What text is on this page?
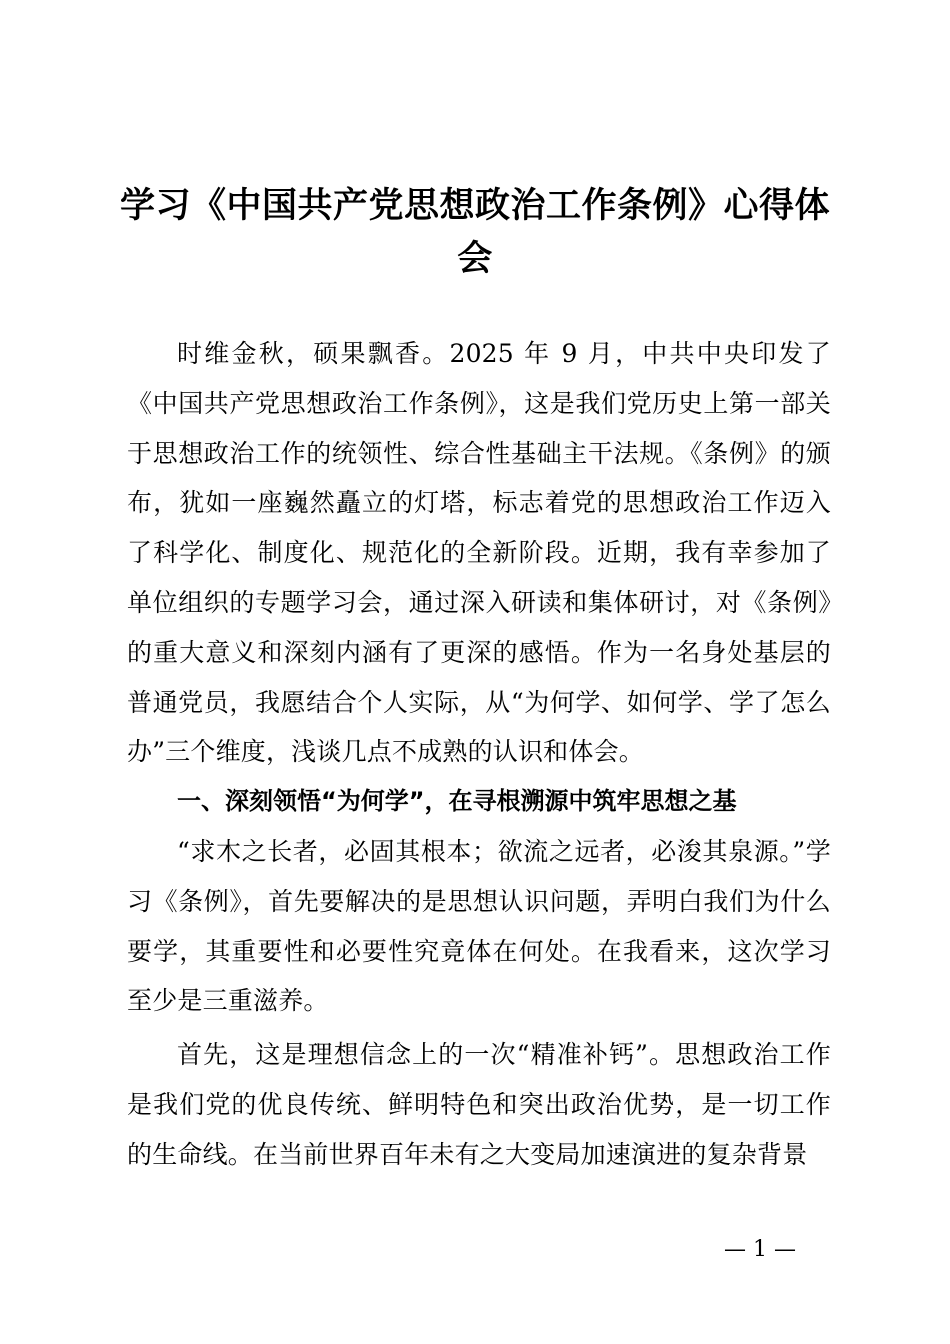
学习《中国共产党思想政治工作条例》心得体会

时维金秋，硕果飘香。2025 年 9 月，中共中央印发了《中国共产党思想政治工作条例》，这是我们党历史上第一部关于思想政治工作的统领性、综合性基础主干法规。《条例》的颁布，犹如一座巍然矗立的灯塔，标志着党的思想政治工作迈入了科学化、制度化、规范化的全新阶段。近期，我有幸参加了单位组织的专题学习会，通过深入研读和集体研讨，对《条例》的重大意义和深刻内涵有了更深的感悟。作为一名身处基层的普通党员，我愿结合个人实际，从“为何学、如何学、学了怎么办”三个维度，浅谈几点不成熟的认识和体会。

一、深刻领悟“为何学”，在寻根溯源中筑牢思想之基

“求木之长者，必固其根本；欲流之远者，必浚其泉源。”学习《条例》，首先要解决的是思想认识问题，弄明白我们为什么要学，其重要性和必要性究竟体在何处。在我看来，这次学习至少是三重滋养。

首先，这是理想信念上的一次“精准补钙”。思想政治工作是我们党的优良传统、鲜明特色和突出政治优势，是一切工作的生命线。在当前世界百年未有之大变局加速演进的复杂背景

— 1 —
